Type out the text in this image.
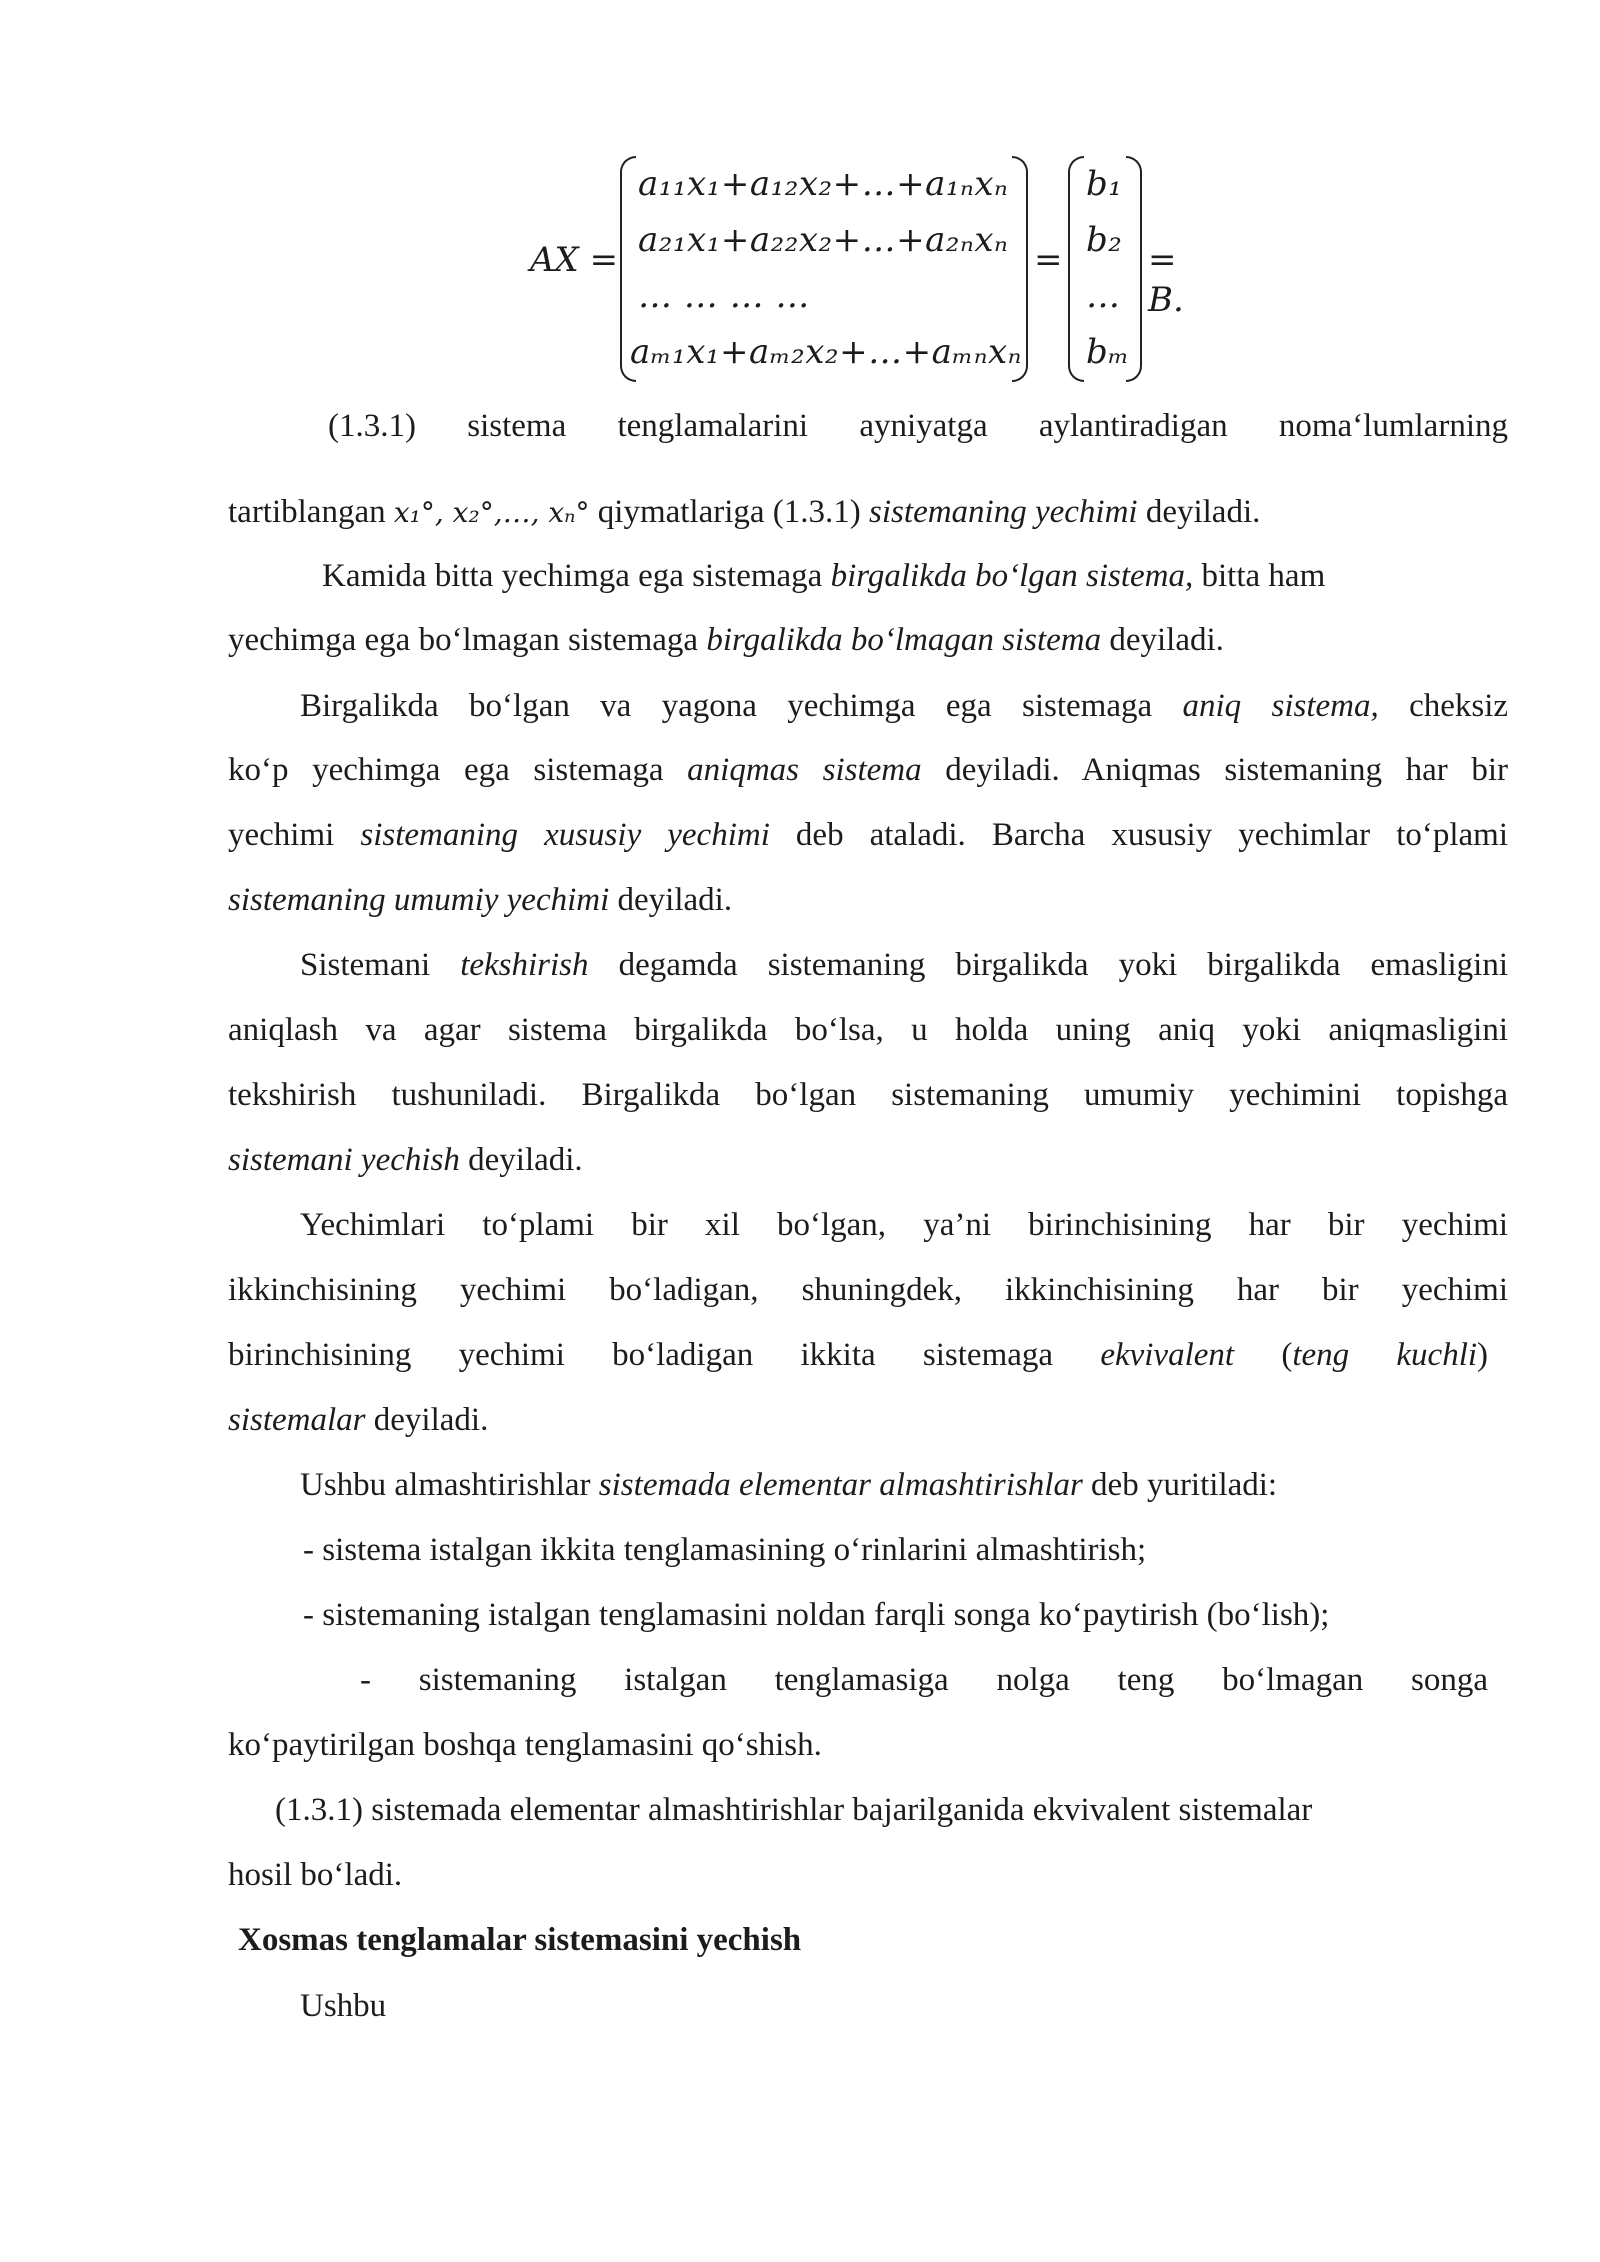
AX =
a₁₁x₁+a₁₂x₂+…+a₁ₙxₙ
a₂₁x₁+a₂₂x₂+…+a₂ₙxₙ
… … … …
aₘ₁x₁+aₘ₂x₂+…+aₘₙxₙ
=
b₁
b₂
…
bₘ
= B.
(1.3.1) sistema tenglamalarini ayniyatga aylantiradigan noma‘lumlarning
tartiblangan x₁°, x₂°,…, xₙ° qiymatlariga (1.3.1) sistemaning yechimi deyiladi.
Kamida bitta yechimga ega sistemaga birgalikda bo‘lgan sistema, bitta ham
yechimga ega bo‘lmagan sistemaga birgalikda bo‘lmagan sistema deyiladi.
Birgalikda bo‘lgan va yagona yechimga ega sistemaga aniq sistema, cheksiz
ko‘p yechimga ega sistemaga aniqmas sistema deyiladi. Aniqmas sistemaning har bir
yechimi sistemaning xususiy yechimi deb ataladi. Barcha xususiy yechimlar to‘plami
sistemaning umumiy yechimi deyiladi.
Sistemani tekshirish degamda sistemaning birgalikda yoki birgalikda emasligini
aniqlash va agar sistema birgalikda bo‘lsa, u holda uning aniq yoki aniqmasligini
tekshirish tushuniladi. Birgalikda bo‘lgan sistemaning umumiy yechimini topishga
sistemani yechish deyiladi.
Yechimlari to‘plami bir xil bo‘lgan, ya’ni birinchisining har bir yechimi
ikkinchisining yechimi bo‘ladigan, shuningdek, ikkinchisining har bir yechimi
birinchisining yechimi bo‘ladigan ikkita sistemaga ekvivalent (teng kuchli)
sistemalar deyiladi.
Ushbu almashtirishlar sistemada elementar almashtirishlar deb yuritiladi:
- sistema istalgan ikkita tenglamasining o‘rinlarini almashtirish;
- sistemaning istalgan tenglamasini noldan farqli songa ko‘paytirish (bo‘lish);
- sistemaning istalgan tenglamasiga nolga teng bo‘lmagan songa
ko‘paytirilgan boshqa tenglamasini qo‘shish.
(1.3.1) sistemada elementar almashtirishlar bajarilganida ekvivalent sistemalar
hosil bo‘ladi.
Xosmas tenglamalar sistemasini yechish
Ushbu
